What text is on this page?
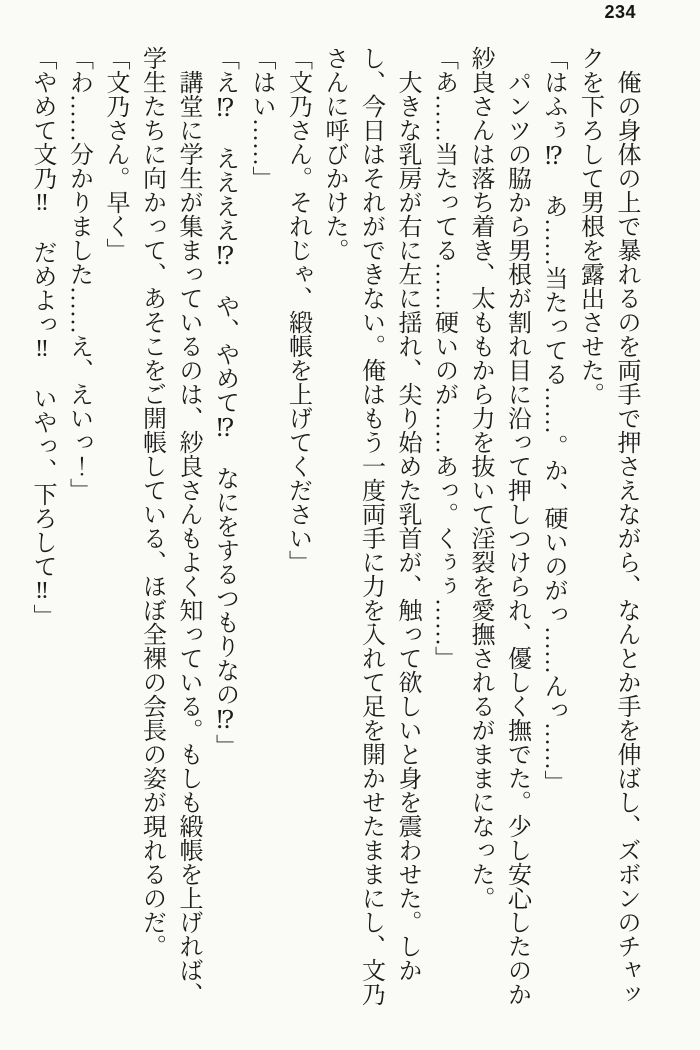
234

俺の身体の上で暴れるのを両手で押さえながら、なんとか手を伸ばし、ズボンのチャックを下ろして男根を露出させた。

「はふぅ⁉　あ……当たってる……。か、硬いのがっ……んっ……」

パンツの脇から男根が割れ目に沿って押しつけられ、優しく撫でた。少し安心したのか紗良さんは落ち着き、太ももから力を抜いて淫裂を愛撫されるがままになった。

「あ……当たってる……硬いのが……あっ。くぅぅ……」

大きな乳房が右に左に揺れ、尖り始めた乳首が、触って欲しいと身を震わせた。しかし、今日はそれができない。俺はもう一度両手に力を入れて足を開かせたままにし、文乃さんに呼びかけた。

「文乃さん。それじゃ、緞帳を上げてください」

「はい……」

「え⁉　ええええ⁉　や、やめて⁉　なにをするつもりなの⁉」

講堂に学生が集まっているのは、紗良さんもよく知っている。もしも緞帳を上げれば、学生たちに向かって、あそこをご開帳している、ほぼ全裸の会長の姿が現れるのだ。

「文乃さん。早く」

「わ……分かりました……え、えいっ！」

「やめて文乃‼　だめよっ‼　いやっ、下ろして‼」
